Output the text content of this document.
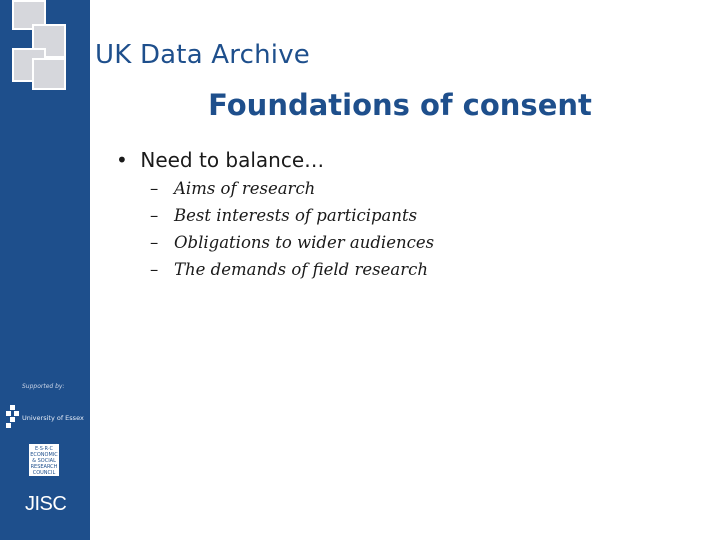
Supported by:
University of Essex
E·S·R·C ECONOMIC & SOCIAL RESEARCH COUNCIL
JISC
UK Data Archive
Foundations of consent
• Need to balance…
– Aims of research
– Best interests of participants
– Obligations to wider audiences
– The demands of field research
